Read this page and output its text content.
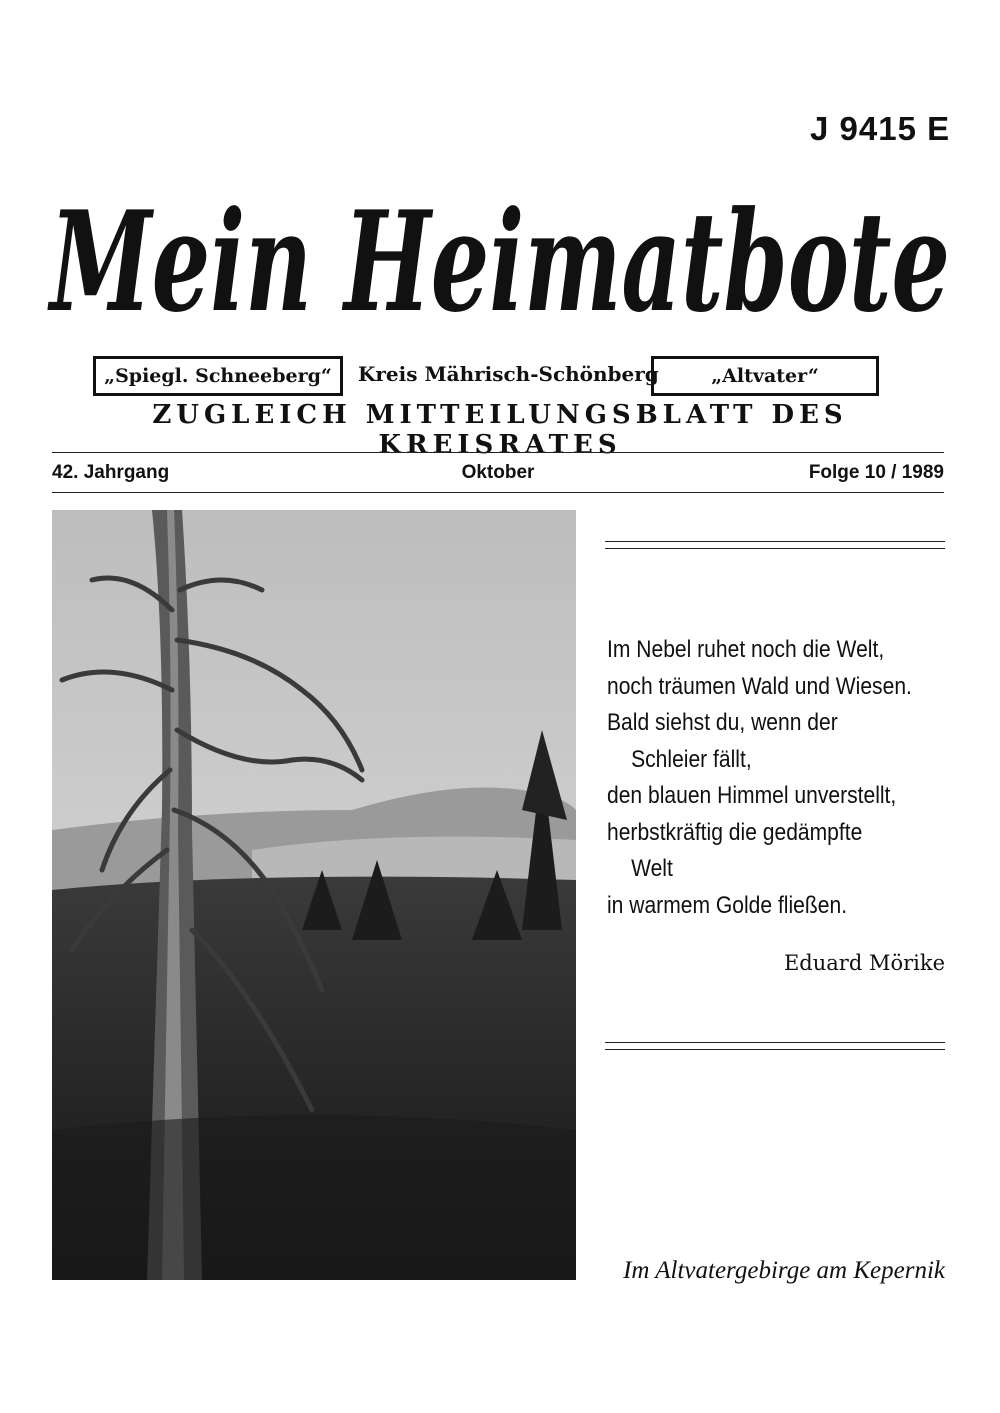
J 9415 E
Mein Heimatbote
„Spiegl. Schneeberg“	Kreis Mährisch-Schönberg	„Altvater“
ZUGLEICH MITTEILUNGSBLATT DES KREISRATES
42. Jahrgang	Oktober	Folge 10 / 1989
Im Nebel ruhet noch die Welt,
noch träumen Wald und Wiesen.
Bald siehst du, wenn der
Schleier fällt,
den blauen Himmel unverstellt,
herbstkräftig die gedämpfte
Welt
in warmem Golde fließen.
Eduard Mörike
Im Altvatergebirge am Kepernik
